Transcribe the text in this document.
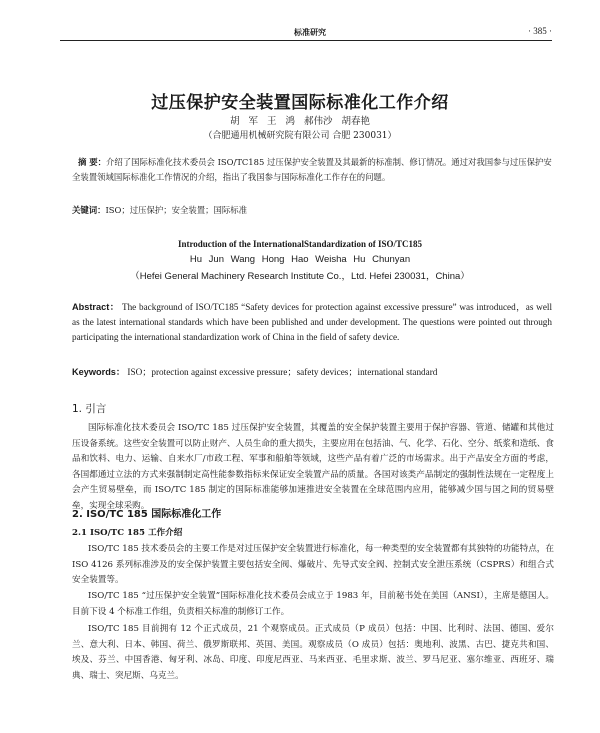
标准研究	· 385 ·
过压保护安全装置国际标准化工作介绍
胡 军 王 鸿 郝伟沙 胡春艳
（合肥通用机械研究院有限公司 合肥 230031）
摘 要：介绍了国际标准化技术委员会 ISO/TC185 过压保护安全装置及其最新的标准制、修订情况。通过对我国参与过压保护安全装置领域国际标准化工作情况的介绍，指出了我国参与国际标准化工作存在的问题。
关键词：ISO；过压保护；安全装置；国际标准
Introduction of the InternationalStandardization of ISO/TC185
Hu Jun Wang Hong Hao Weisha Hu Chunyan
（Hefei General Machinery Research Institute Co.，Ltd. Hefei 230031，China）
Abstract： The background of ISO/TC185 “Safety devices for protection against excessive pressure” was introduced，as well as the latest international standards which have been published and under development. The questions were pointed out through participating the international standardization work of China in the field of safety device.
Keywords： ISO；protection against excessive pressure；safety devices；international standard
1. 引言
国际标准化技术委员会 ISO/TC 185 过压保护安全装置，其覆盖的安全保护装置主要用于保护容器、管道、储罐和其他过压设备系统。这些安全装置可以防止财产、人员生命的重大损失，主要应用在包括油、气、化学、石化、空分、纸浆和造纸、食品和饮料、电力、运输、自来水厂/市政工程、军事和船舶等领域，这些产品有着广泛的市场需求。出于产品安全方面的考虑，各国都通过立法的方式来强制制定高性能参数指标来保证安全装置产品的质量。各国对该类产品制定的强制性法规在一定程度上会产生贸易壁垒，而 ISO/TC 185 制定的国际标准能够加速推进安全装置在全球范围内应用，能够减少国与国之间的贸易壁垒，实现全球采购。
2. ISO/TC 185 国际标准化工作
2.1 ISO/TC 185 工作介绍
ISO/TC 185 技术委员会的主要工作是对过压保护安全装置进行标准化，每一种类型的安全装置都有其独特的功能特点，在 ISO 4126 系列标准涉及的安全保护装置主要包括安全阀、爆破片、先导式安全阀、控制式安全泄压系统（CSPRS）和组合式安全装置等。
ISO/TC 185 “过压保护安全装置”国际标准化技术委员会成立于 1983 年，目前秘书处在美国（ANSI），主席是德国人。目前下设 4 个标准工作组，负责相关标准的制修订工作。
ISO/TC 185 目前拥有 12 个正式成员，21 个观察成员。正式成员（P 成员）包括：中国、比利时、法国、德国、爱尔兰、意大利、日本、韩国、荷兰、俄罗斯联邦、英国、美国。观察成员（O 成员）包括：奥地利、波黑、古巴、捷克共和国、埃及、芬兰、中国香港、匈牙利、冰岛、印度、印度尼西亚、马来西亚、毛里求斯、波兰、罗马尼亚、塞尔维亚、西班牙、瑞典、瑞士、突尼斯、乌克兰。
